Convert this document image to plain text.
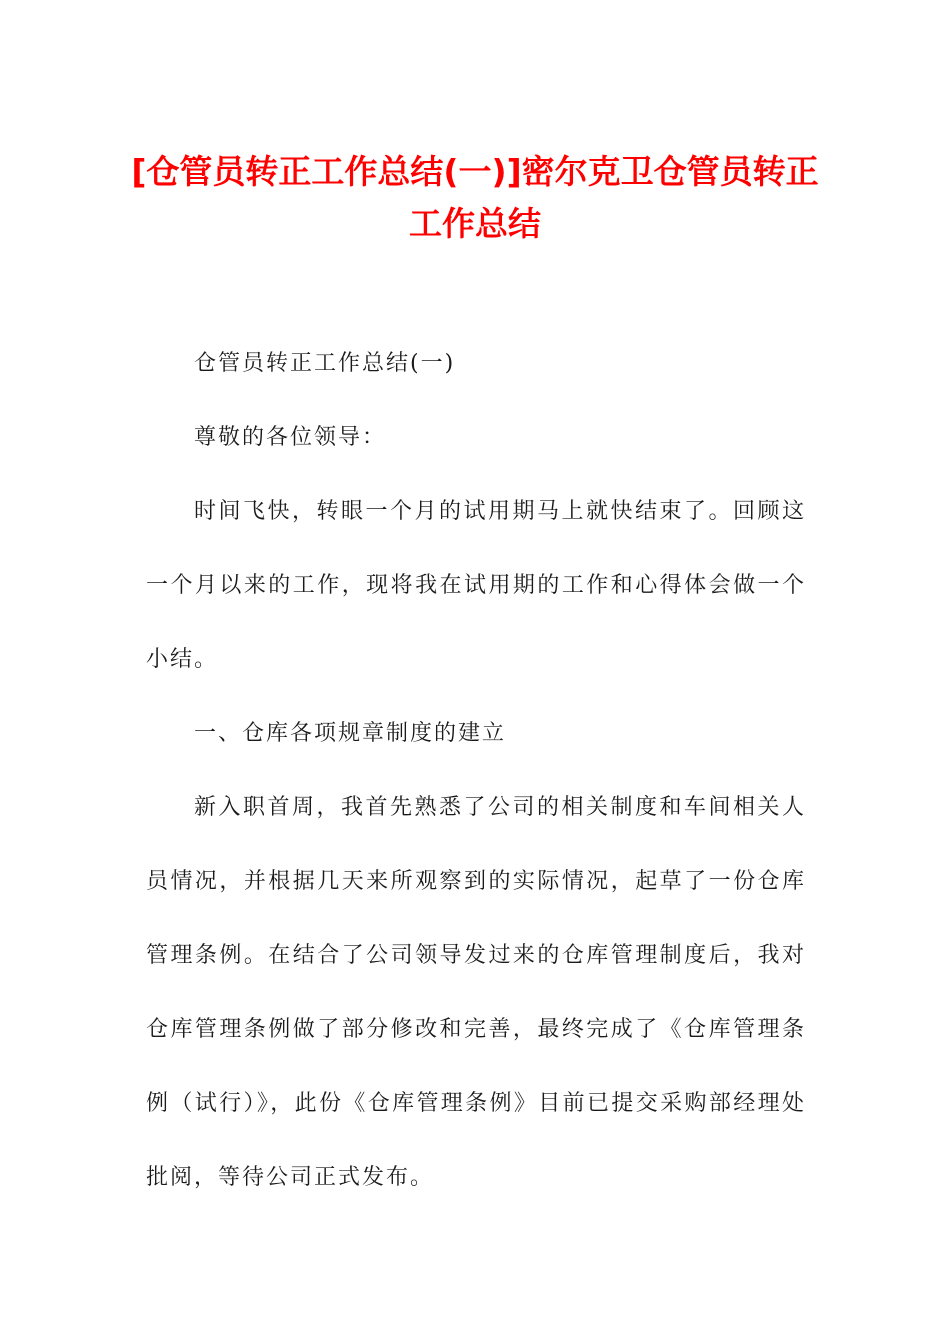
[仓管员转正工作总结(一)]密尔克卫仓管员转正工作总结

仓管员转正工作总结(一)

尊敬的各位领导：

时间飞快，转眼一个月的试用期马上就快结束了。回顾这一个月以来的工作，现将我在试用期的工作和心得体会做一个小结。

一、仓库各项规章制度的建立

新入职首周，我首先熟悉了公司的相关制度和车间相关人员情况，并根据几天来所观察到的实际情况，起草了一份仓库管理条例。在结合了公司领导发过来的仓库管理制度后，我对仓库管理条例做了部分修改和完善，最终完成了《仓库管理条例（试行）》，此份《仓库管理条例》目前已提交采购部经理处批阅，等待公司正式发布。
